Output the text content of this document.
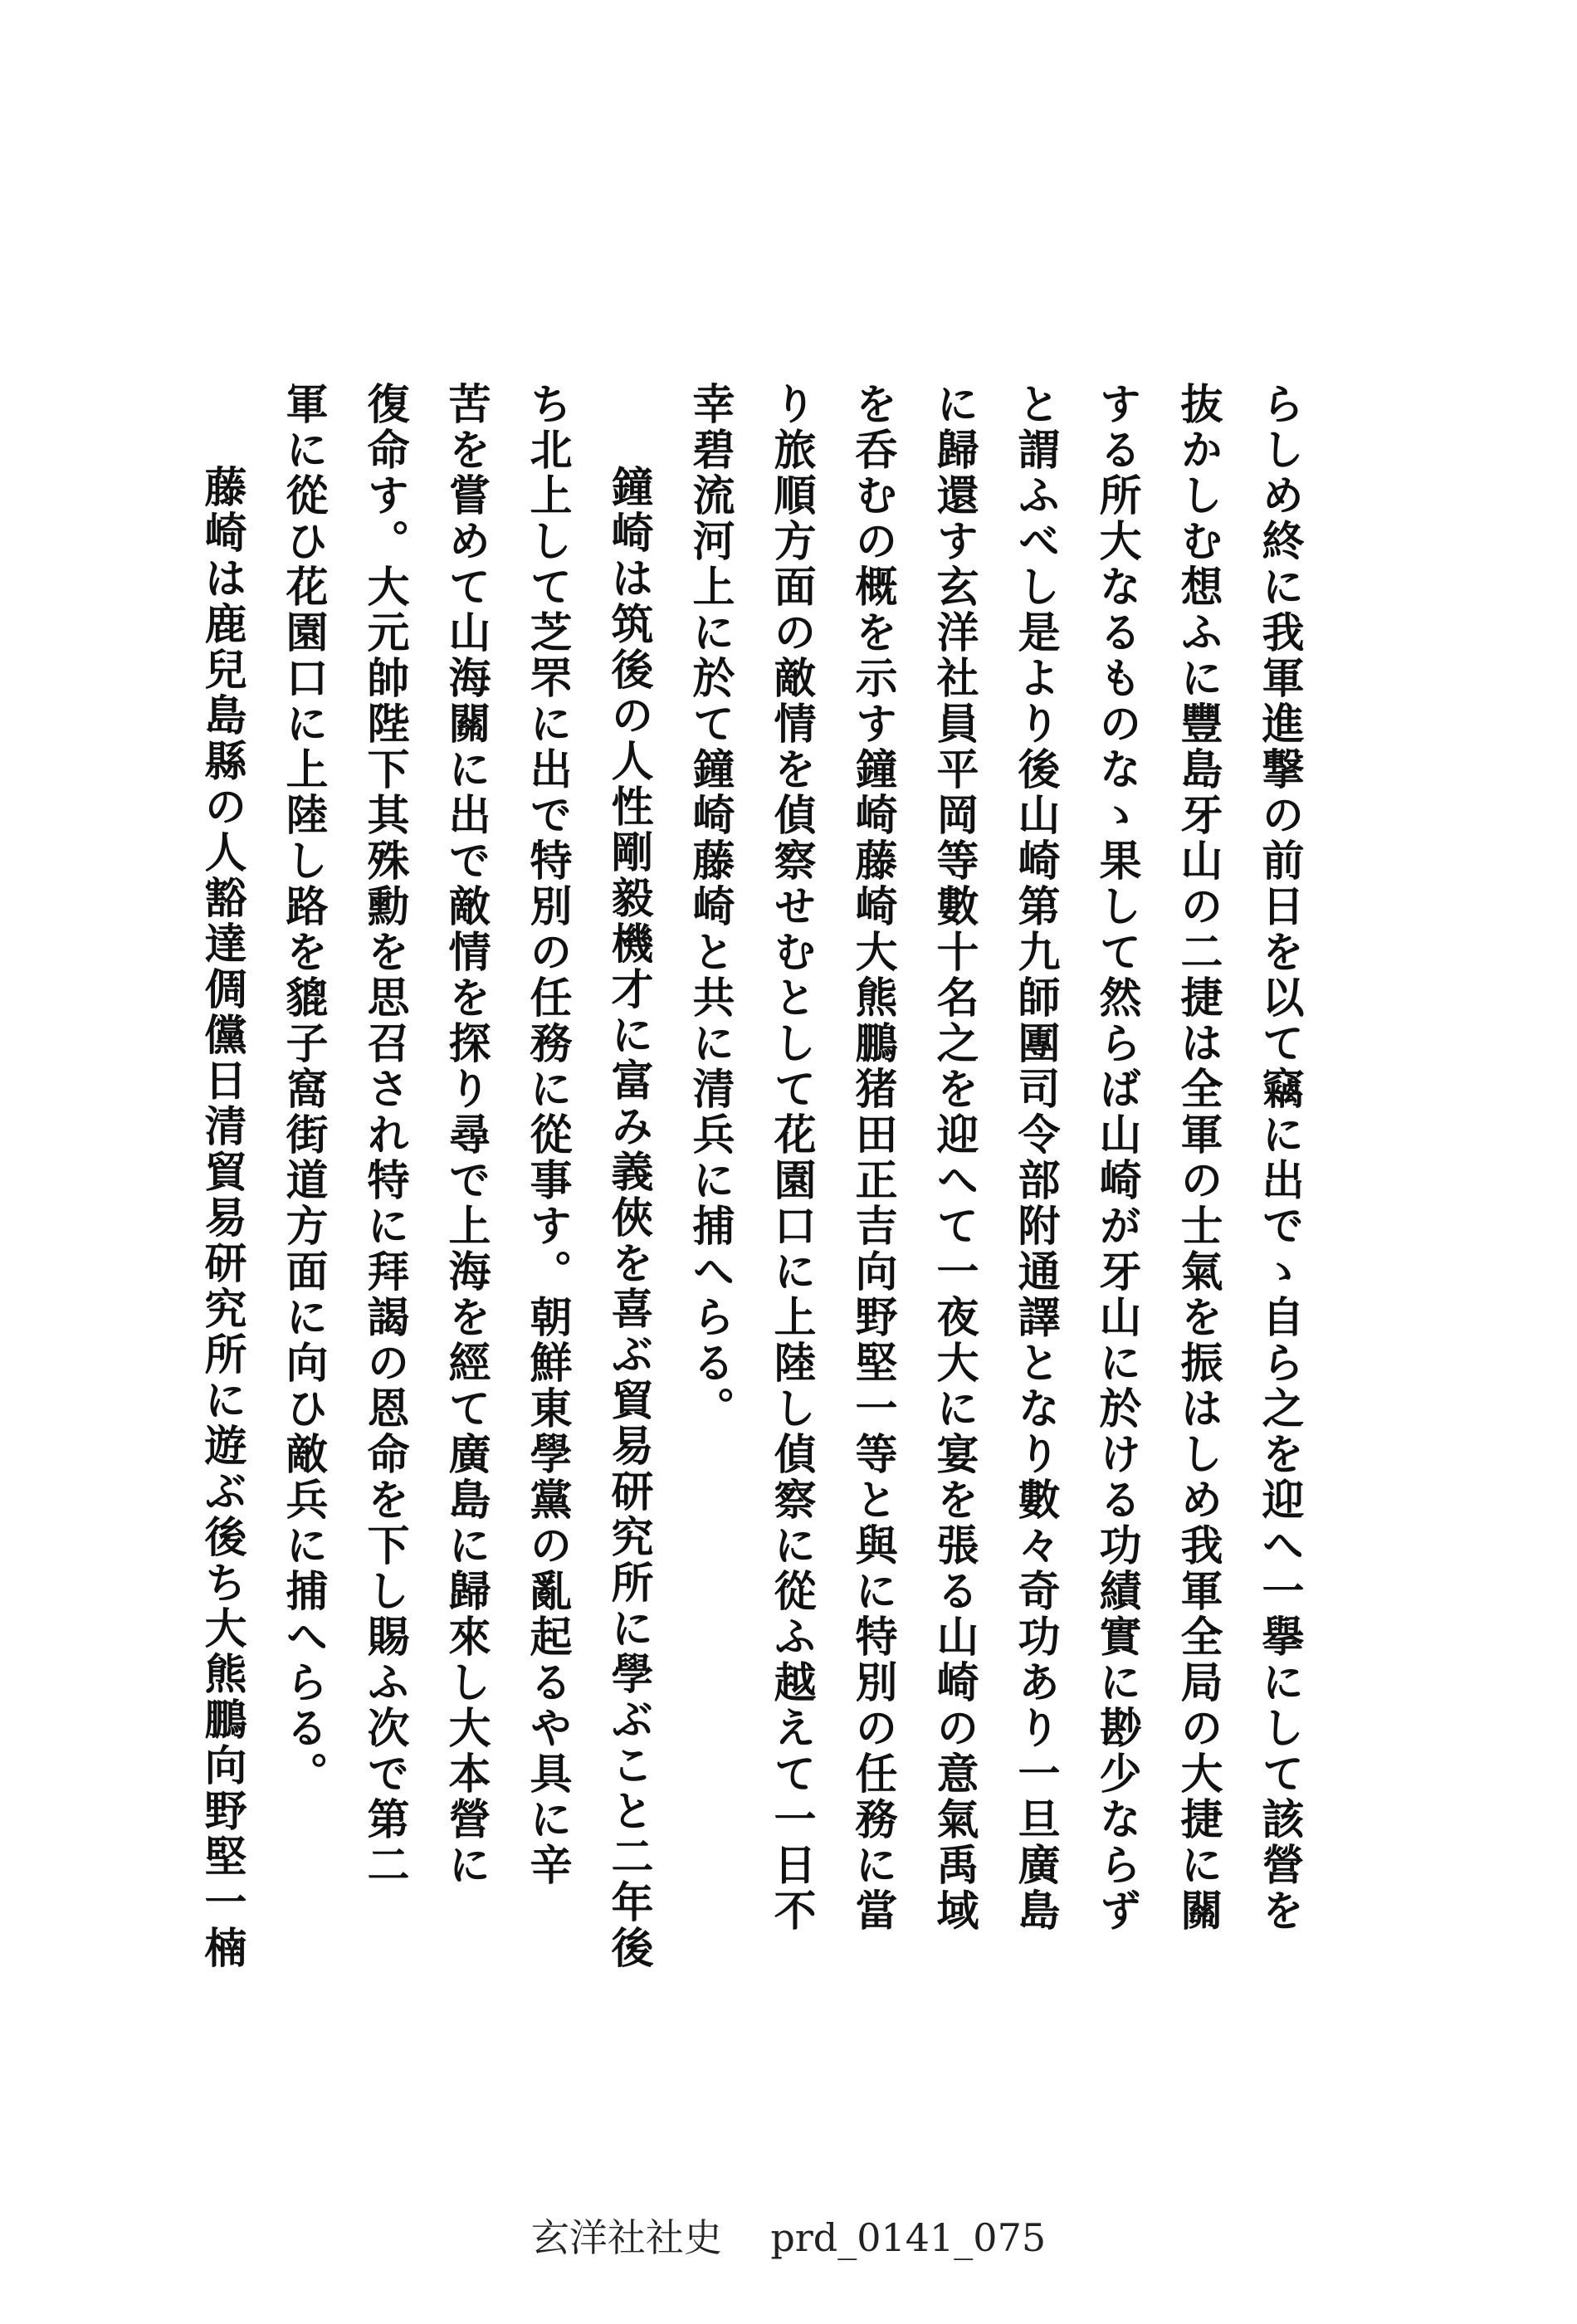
らしめ終に我軍進撃の前日を以て竊に出でゝ自ら之を迎へ一擧にして該營を
抜かしむ想ふに豐島牙山の二捷は全軍の士氣を振はしめ我軍全局の大捷に關
する所大なるものなゝ果して然らば山崎が牙山に於ける功績實に尠少ならず
と謂ふべし是より後山崎第九師團司令部附通譯となり數々奇功あり一旦廣島
に歸還す玄洋社員平岡等數十名之を迎へて一夜大に宴を張る山崎の意氣禹域
を呑むの概を示す鐘崎藤崎大熊鵬猪田正吉向野堅一等と與に特別の任務に當
り旅順方面の敵情を偵察せむとして花園口に上陸し偵察に從ふ越えて一日不
幸碧流河上に於て鐘崎藤崎と共に清兵に捕へらる。
鐘崎は筑後の人性剛毅機才に富み義俠を喜ぶ貿易研究所に學ぶこと二年後
ち北上して芝罘に出で特別の任務に從事す。朝鮮東學黨の亂起るや具に辛
苦を嘗めて山海關に出で敵情を探り尋で上海を經て廣島に歸來し大本營に
復命す。大元帥陛下其殊勳を思召され特に拜謁の恩命を下し賜ふ次で第二
軍に從ひ花園口に上陸し路を貔子窩街道方面に向ひ敵兵に捕へらる。
藤崎は鹿兒島縣の人豁達倜儻日清貿易研究所に遊ぶ後ち大熊鵬向野堅一楠
玄洋社社史    prd_0141_075
